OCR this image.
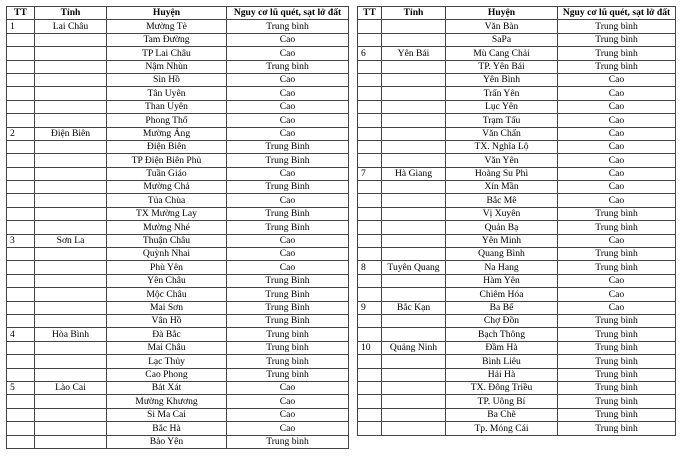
TT	Tỉnh	Huyện	Nguy cơ lũ quét, sạt lở đất
1	Lai Châu	Mường Tè	Trung bình
		Tam Đường	Cao
		TP Lai Châu	Cao
		Nậm Nhùn	Trung bình
		Sìn Hồ	Cao
		Tân Uyên	Cao
		Than Uyên	Cao
		Phong Thổ	Cao
2	Điện Biên	Mường Ảng	Cao
		Điện Biên	Trung Bình
		TP Điện Biên Phủ	Trung Bình
		Tuần Giáo	Cao
		Mường Chả	Trung Bình
		Tủa Chùa	Cao
		TX Mường Lay	Trung Bình
		Mường Nhé	Trung Bình
3	Sơn La	Thuận Châu	Cao
		Quỳnh Nhai	Cao
		Phù Yên	Cao
		Yên Châu	Trung Bình
		Mộc Châu	Trung Bình
		Mai Sơn	Trung Bình
		Vân Hồ	Trung Bình
4	Hòa Bình	Đà Bắc	Trung bình
		Mai Châu	Trung bình
		Lạc Thủy	Trung bình
		Cao Phong	Trung bình
5	Lào Cai	Bát Xát	Cao
		Mường Khương	Cao
		Si Ma Cai	Cao
		Bắc Hà	Cao
		Bảo Yên	Trung bình
TT	Tỉnh	Huyện	Nguy cơ lũ quét, sạt lở đất
		Văn Bàn	Trung bình
		SaPa	Trung bình
6	Yên Bái	Mù Cang Chải	Trung bình
		TP. Yên Bái	Trung bình
		Yên Bình	Cao
		Trấn Yên	Cao
		Lục Yên	Cao
		Trạm Tấu	Cao
		Văn Chấn	Cao
		TX. Nghĩa Lộ	Cao
		Văn Yên	Cao
7	Hà Giang	Hoàng Su Phì	Cao
		Xín Mần	Cao
		Bắc Mê	Cao
		Vị Xuyên	Trung bình
		Quản Bạ	Trung bình
		Yên Minh	Cao
		Quang Bình	Trung bình
8	Tuyên Quang	Na Hang	Trung bình
		Hàm Yên	Cao
		Chiêm Hóa	Cao
9	Bắc Kạn	Ba Bể	Cao
		Chợ Đồn	Trung bình
		Bạch Thông	Trung bình
10	Quảng Ninh	Đầm Hà	Trung bình
		Bình Liêu	Trung bình
		Hải Hà	Trung bình
		TX. Đông Triều	Trung bình
		TP. Uông Bí	Trung bình
		Ba Chẽ	Trung bình
		Tp. Móng Cái	Trung bình
